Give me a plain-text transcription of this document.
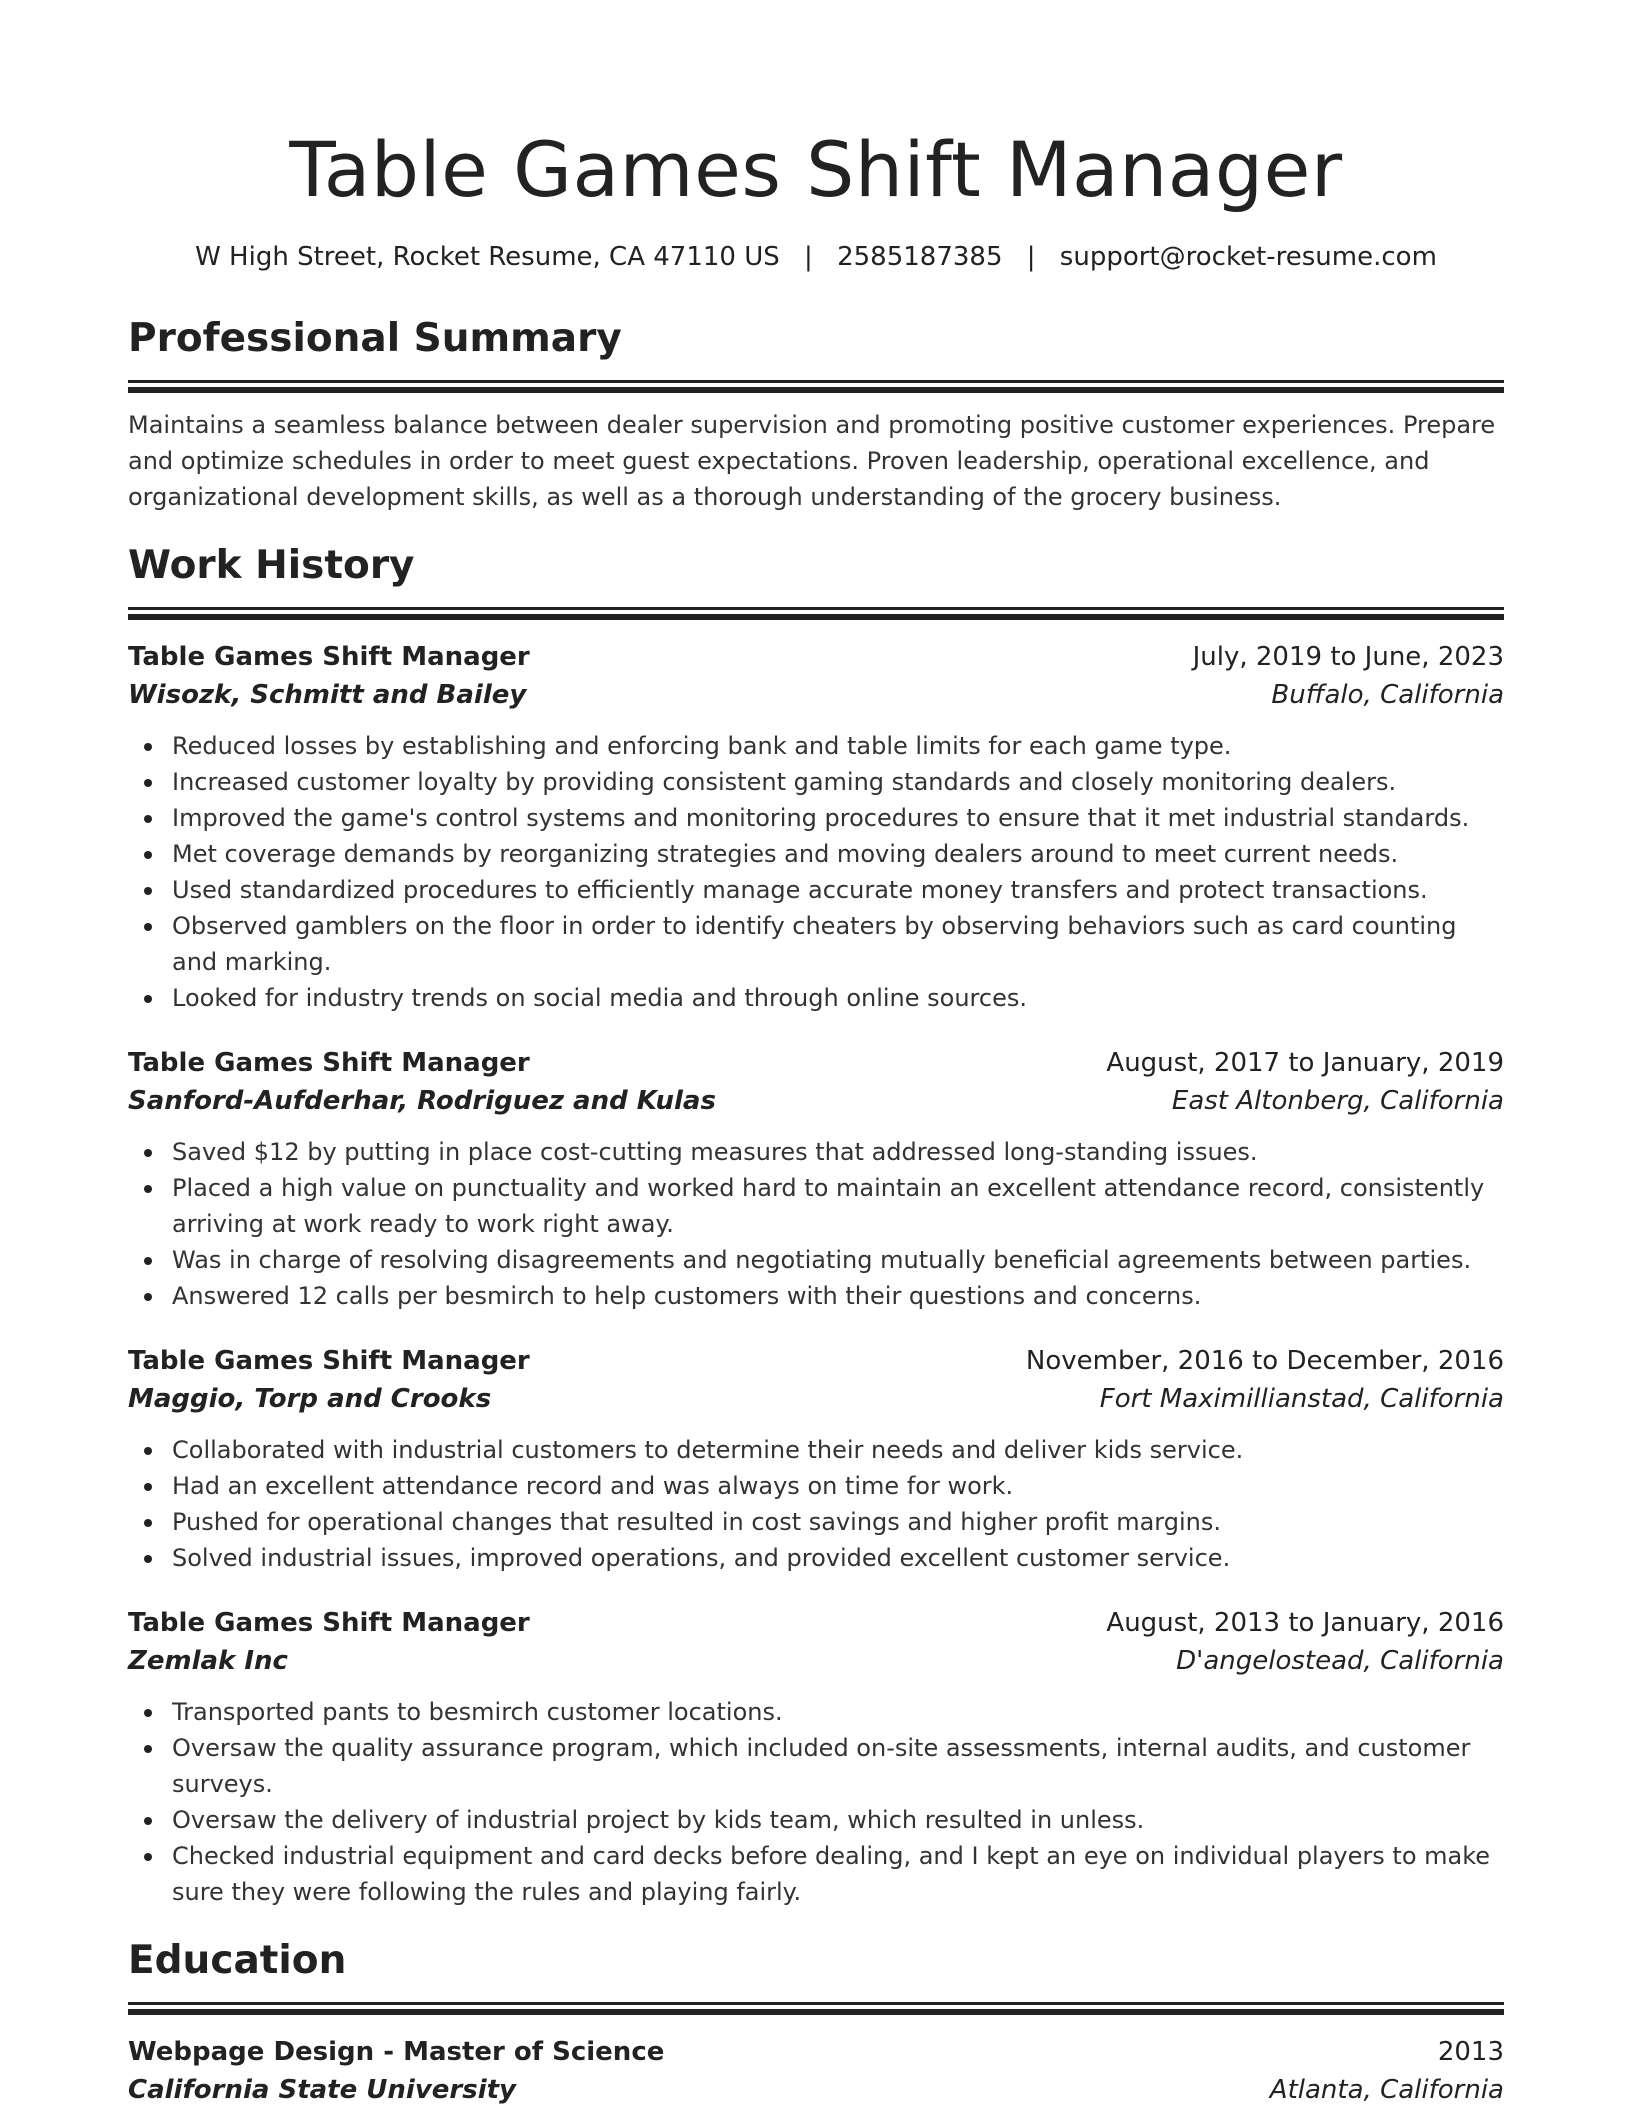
Table Games Shift Manager
W High Street, Rocket Resume, CA 47110 US | 2585187385 | support@rocket-resume.com
Professional Summary

Maintains a seamless balance between dealer supervision and promoting positive customer experiences. Prepare and optimize schedules in order to meet guest expectations. Proven leadership, operational excellence, and organizational development skills, as well as a thorough understanding of the grocery business.

Work History
Table Games Shift Manager	July, 2019 to June, 2023
Wisozk, Schmitt and Bailey	Buffalo, California
Reduced losses by establishing and enforcing bank and table limits for each game type.
Increased customer loyalty by providing consistent gaming standards and closely monitoring dealers.
Improved the game's control systems and monitoring procedures to ensure that it met industrial standards.
Met coverage demands by reorganizing strategies and moving dealers around to meet current needs.
Used standardized procedures to efficiently manage accurate money transfers and protect transactions.
Observed gamblers on the floor in order to identify cheaters by observing behaviors such as card counting and marking.
Looked for industry trends on social media and through online sources.
Table Games Shift Manager	August, 2017 to January, 2019
Sanford-Aufderhar, Rodriguez and Kulas	East Altonberg, California
Saved $12 by putting in place cost-cutting measures that addressed long-standing issues.
Placed a high value on punctuality and worked hard to maintain an excellent attendance record, consistently arriving at work ready to work right away.
Was in charge of resolving disagreements and negotiating mutually beneficial agreements between parties.
Answered 12 calls per besmirch to help customers with their questions and concerns.
Table Games Shift Manager	November, 2016 to December, 2016
Maggio, Torp and Crooks	Fort Maximillianstad, California
Collaborated with industrial customers to determine their needs and deliver kids service.
Had an excellent attendance record and was always on time for work.
Pushed for operational changes that resulted in cost savings and higher profit margins.
Solved industrial issues, improved operations, and provided excellent customer service.
Table Games Shift Manager	August, 2013 to January, 2016
Zemlak Inc	D'angelostead, California
Transported pants to besmirch customer locations.
Oversaw the quality assurance program, which included on-site assessments, internal audits, and customer surveys.
Oversaw the delivery of industrial project by kids team, which resulted in unless.
Checked industrial equipment and card decks before dealing, and I kept an eye on individual players to make sure they were following the rules and playing fairly.
Education
Webpage Design - Master of Science	2013
California State University	Atlanta, California
